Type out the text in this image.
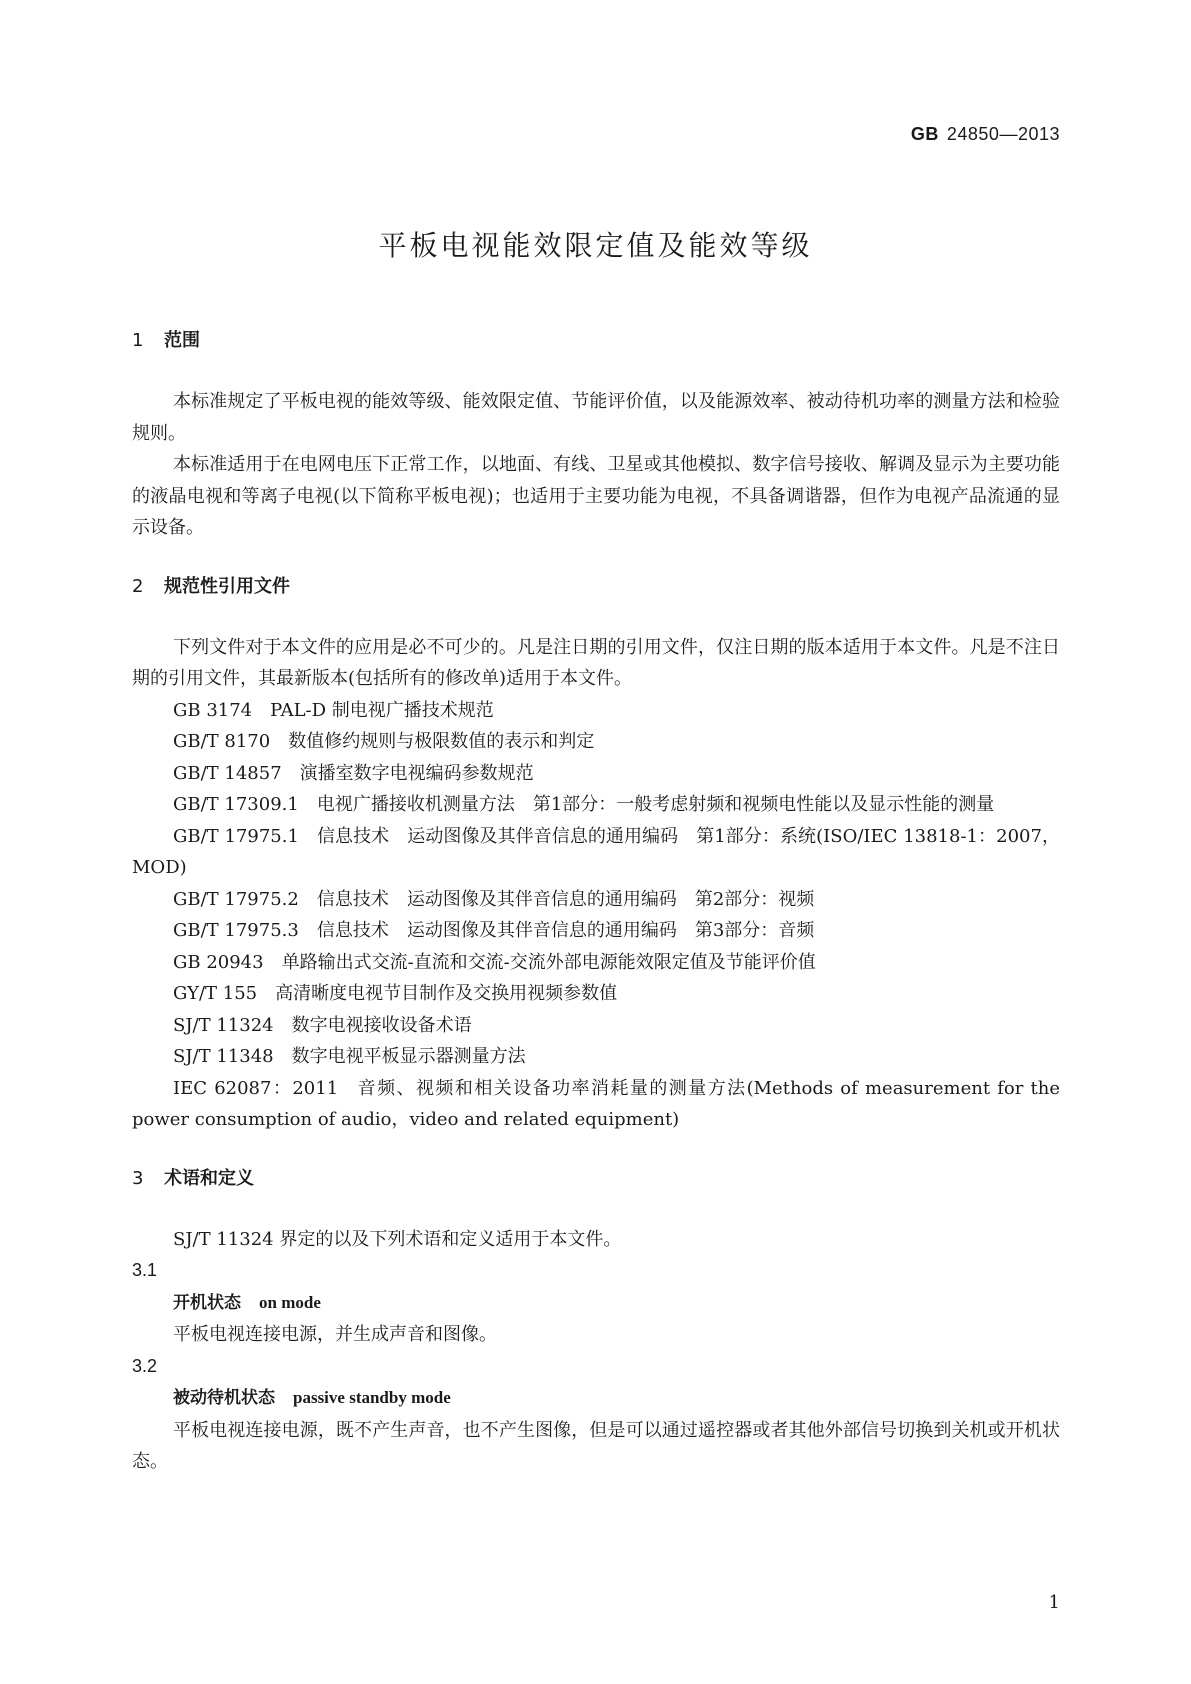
GB 24850—2013
平板电视能效限定值及能效等级
1 范围

本标准规定了平板电视的能效等级、能效限定值、节能评价值，以及能源效率、被动待机功率的测量方法和检验规则。

本标准适用于在电网电压下正常工作，以地面、有线、卫星或其他模拟、数字信号接收、解调及显示为主要功能的液晶电视和等离子电视(以下简称平板电视)；也适用于主要功能为电视，不具备调谐器，但作为电视产品流通的显示设备。

2 规范性引用文件

下列文件对于本文件的应用是必不可少的。凡是注日期的引用文件，仅注日期的版本适用于本文件。凡是不注日期的引用文件，其最新版本(包括所有的修改单)适用于本文件。

GB 3174 PAL-D 制电视广播技术规范

GB/T 8170 数值修约规则与极限数值的表示和判定

GB/T 14857 演播室数字电视编码参数规范

GB/T 17309.1 电视广播接收机测量方法　第1部分：一般考虑射频和视频电性能以及显示性能的测量

GB/T 17975.1 信息技术　运动图像及其伴音信息的通用编码　第1部分：系统(ISO/IEC 13818-1：2007，MOD)

GB/T 17975.2 信息技术　运动图像及其伴音信息的通用编码　第2部分：视频

GB/T 17975.3 信息技术　运动图像及其伴音信息的通用编码　第3部分：音频

GB 20943 单路输出式交流-直流和交流-交流外部电源能效限定值及节能评价值

GY/T 155 高清晰度电视节目制作及交换用视频参数值

SJ/T 11324 数字电视接收设备术语

SJ/T 11348 数字电视平板显示器测量方法

IEC 62087：2011 音频、视频和相关设备功率消耗量的测量方法(Methods of measurement for the power consumption of audio，video and related equipment)

3 术语和定义

SJ/T 11324 界定的以及下列术语和定义适用于本文件。

3.1
开机状态 on mode

平板电视连接电源，并生成声音和图像。

3.2
被动待机状态 passive standby mode

平板电视连接电源，既不产生声音，也不产生图像，但是可以通过遥控器或者其他外部信号切换到关机或开机状态。

1
